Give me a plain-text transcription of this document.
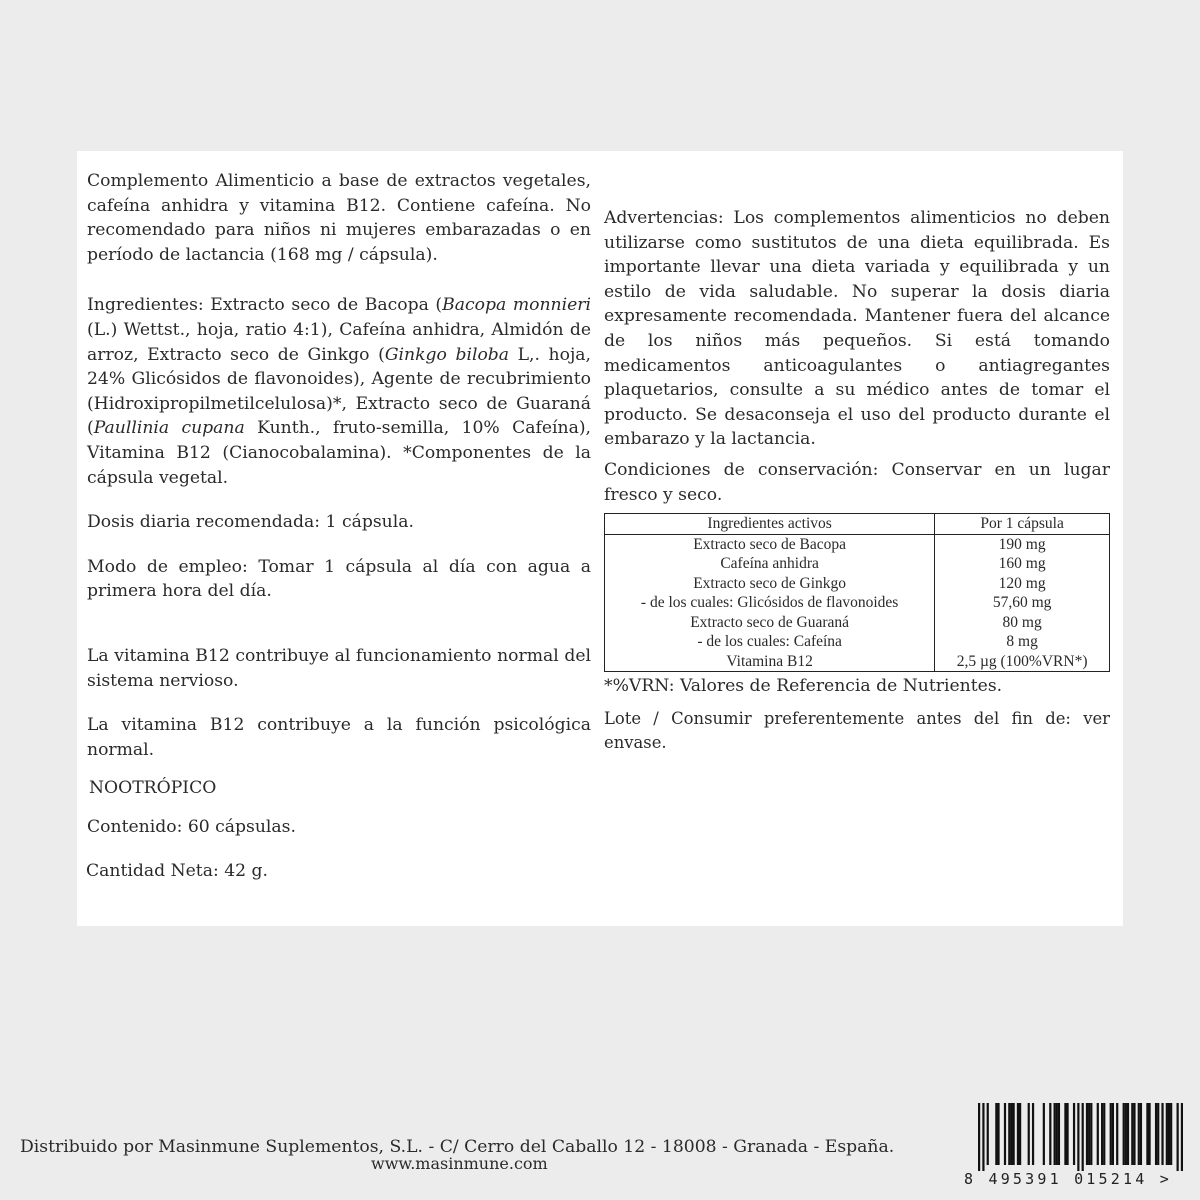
Complemento Alimenticio a base de extractos vegetales, cafeína anhidra y vitamina B12. Contiene cafeína. No recomendado para niños ni mujeres embarazadas o en período de lactancia (168 mg / cápsula).

Ingredientes: Extracto seco de Bacopa (Bacopa monnieri (L.) Wettst., hoja, ratio 4:1), Cafeína anhidra, Almidón de arroz, Extracto seco de Ginkgo (Ginkgo biloba L,. hoja, 24% Glicósidos de flavonoides), Agente de recubrimiento (Hidroxipropilmetilcelulosa)*, Extracto seco de Guaraná (Paullinia cupana Kunth., fruto-semilla, 10% Cafeína), Vitamina B12 (Cianocobalamina). *Componentes de la cápsula vegetal.

Dosis diaria recomendada: 1 cápsula.

Modo de empleo: Tomar 1 cápsula al día con agua a primera hora del día.

La vitamina B12 contribuye al funcionamiento normal del sistema nervioso.

La vitamina B12 contribuye a la función psicológica normal.

NOOTRÓPICO

Contenido: 60 cápsulas.

Cantidad Neta: 42 g.

Advertencias: Los complementos alimenticios no deben utilizarse como sustitutos de una dieta equilibrada. Es importante llevar una dieta variada y equilibrada y un estilo de vida saludable. No superar la dosis diaria expresamente recomendada. Mantener fuera del alcance de los niños más pequeños. Si está tomando medicamentos anticoagulantes o antiagregantes plaquetarios, consulte a su médico antes de tomar el producto. Se desaconseja el uso del producto durante el embarazo y la lactancia.

Condiciones de conservación: Conservar en un lugar fresco y seco.

Ingredientes activos	Por 1 cápsula
Extracto seco de Bacopa	190 mg
Cafeína anhidra	160 mg
Extracto seco de Ginkgo	120 mg
- de los cuales: Glicósidos de flavonoides	57,60 mg
Extracto seco de Guaraná	80 mg
- de los cuales: Cafeína	8 mg
Vitamina B12	2,5 µg (100%VRN*)

*%VRN: Valores de Referencia de Nutrientes.

Lote / Consumir preferentemente antes del fin de: ver envase.

Distribuido por Masinmune Suplementos, S.L. - C/ Cerro del Caballo 12 - 18008 - Granada - España.
www.masinmune.com
8 495391 015214 >
